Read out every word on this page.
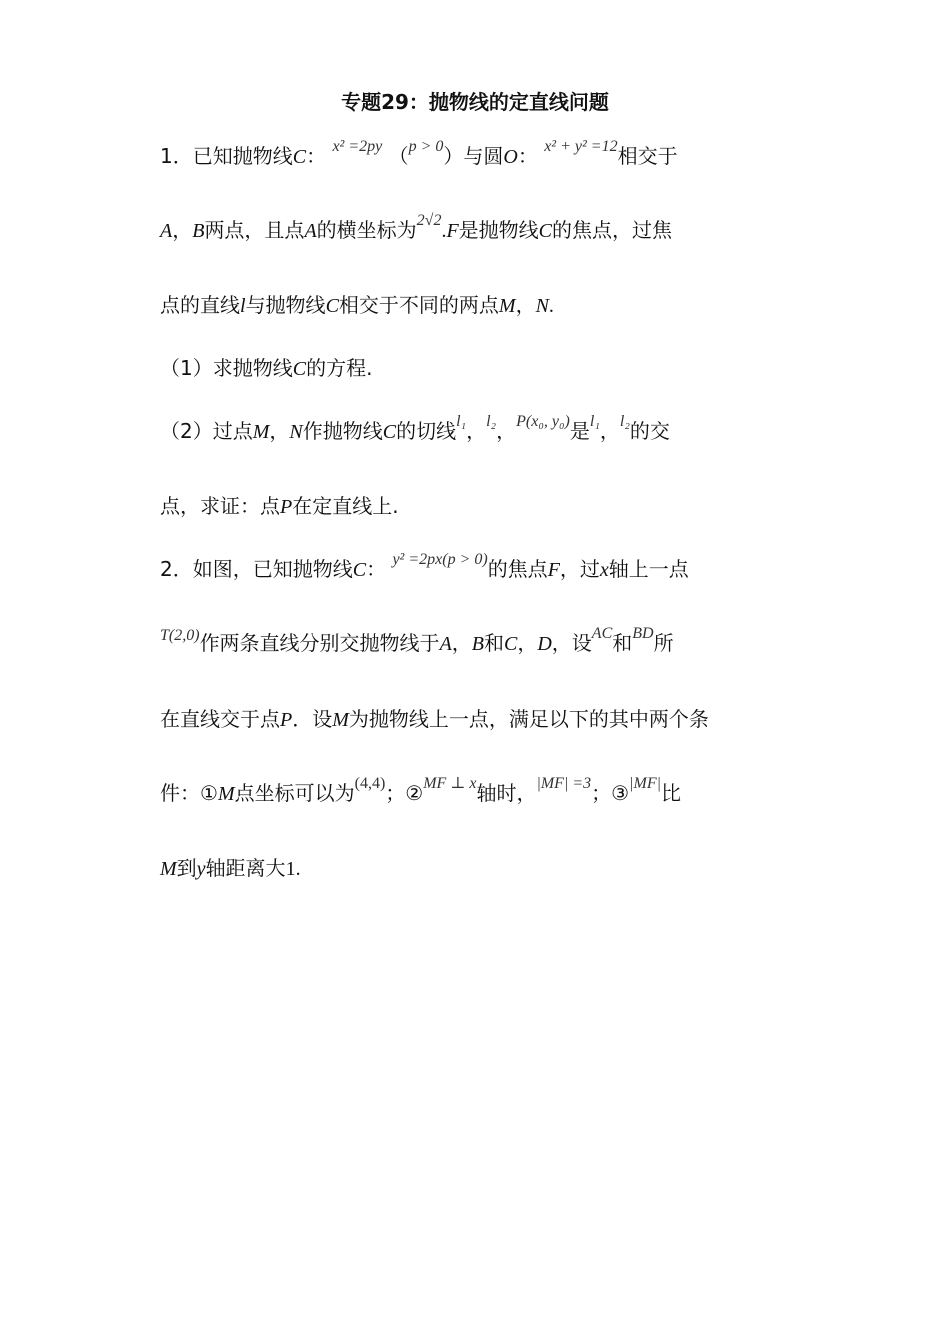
专题29：抛物线的定直线问题
1．已知抛物线C： x² =2py （p > 0）与圆O： x² + y² =12相交于
A，B两点，且点A的横坐标为2√2.F是抛物线C的焦点，过焦
点的直线l与抛物线C相交于不同的两点M，N.
（1）求抛物线C的方程.
（2）过点M，N作抛物线C的切线l₁，l₂，P(x₀, y₀)是l₁，l₂的交
点，求证：点P在定直线上.
2．如图，已知抛物线C： y² =2px(p > 0)的焦点F，过x轴上一点
T(2,0)作两条直线分别交抛物线于A，B和C，D，设AC和BD所
在直线交于点P．设M为抛物线上一点，满足以下的其中两个条
件：①M点坐标可以为(4,4)；②MF ⊥ x轴时，|MF| =3；③|MF|比
M到y轴距离大1.
